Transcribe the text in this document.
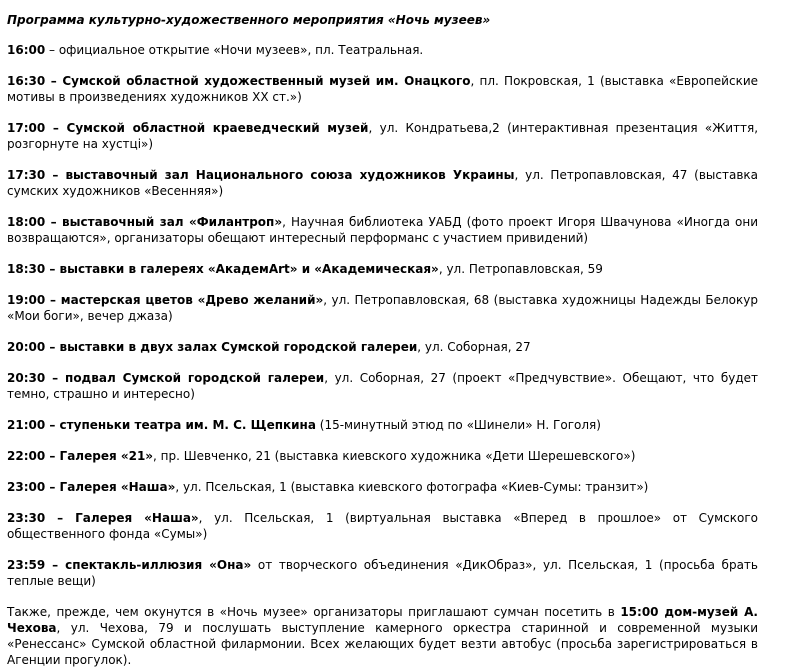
Программа культурно-художественного мероприятия «Ночь музеев»

16:00 – официальное открытие «Ночи музеев», пл. Театральная.

16:30 – Сумской областной художественный музей им. Онацкого, пл. Покровская, 1 (выставка «Европейские мотивы в произведениях художников XX ст.»)

17:00 – Сумской областной краеведческий музей, ул. Кондратьева,2 (интерактивная презентация «Життя, розгорнуте на хустці»)

17:30 – выставочный зал Национального союза художников Украины, ул. Петропавловская, 47 (выставка сумских художников «Весенняя»)

18:00 – выставочный зал «Филантроп», Научная библиотека УАБД (фото проект Игоря Швачунова «Иногда они возвращаются», организаторы обещают интересный перформанс с участием привидений)

18:30 – выставки в галереях «АкадемArt» и «Академическая», ул. Петропавловская, 59

19:00 – мастерская цветов «Древо желаний», ул. Петропавловская, 68 (выставка художницы Надежды Белокур «Мои боги», вечер джаза)

20:00 – выставки в двух залах Сумской городской галереи, ул. Соборная, 27

20:30 – подвал Сумской городской галереи, ул. Соборная, 27 (проект «Предчувствие». Обещают, что будет темно, страшно и интересно)

21:00 – ступеньки театра им. М. С. Щепкина (15-минутный этюд по «Шинели» Н. Гоголя)

22:00 – Галерея «21», пр. Шевченко, 21 (выставка киевского художника «Дети Шерешевского»)

23:00 – Галерея «Наша», ул. Псельская, 1 (выставка киевского фотографа «Киев-Сумы: транзит»)

23:30 – Галерея «Наша», ул. Псельская, 1 (виртуальная выставка «Вперед в прошлое» от Сумского общественного фонда «Сумы»)

23:59 – спектакль-иллюзия «Она» от творческого объединения «ДикОбраз», ул. Псельская, 1 (просьба брать теплые вещи)

Также, прежде, чем окунутся в «Ночь музее» организаторы приглашают сумчан посетить в 15:00 дом-музей А. Чехова, ул. Чехова, 79 и послушать выступление камерного оркестра старинной и современной музыки «Ренессанс» Сумской областной филармонии. Всех желающих будет везти автобус (просьба зарегистрироваться в Агенции прогулок).
